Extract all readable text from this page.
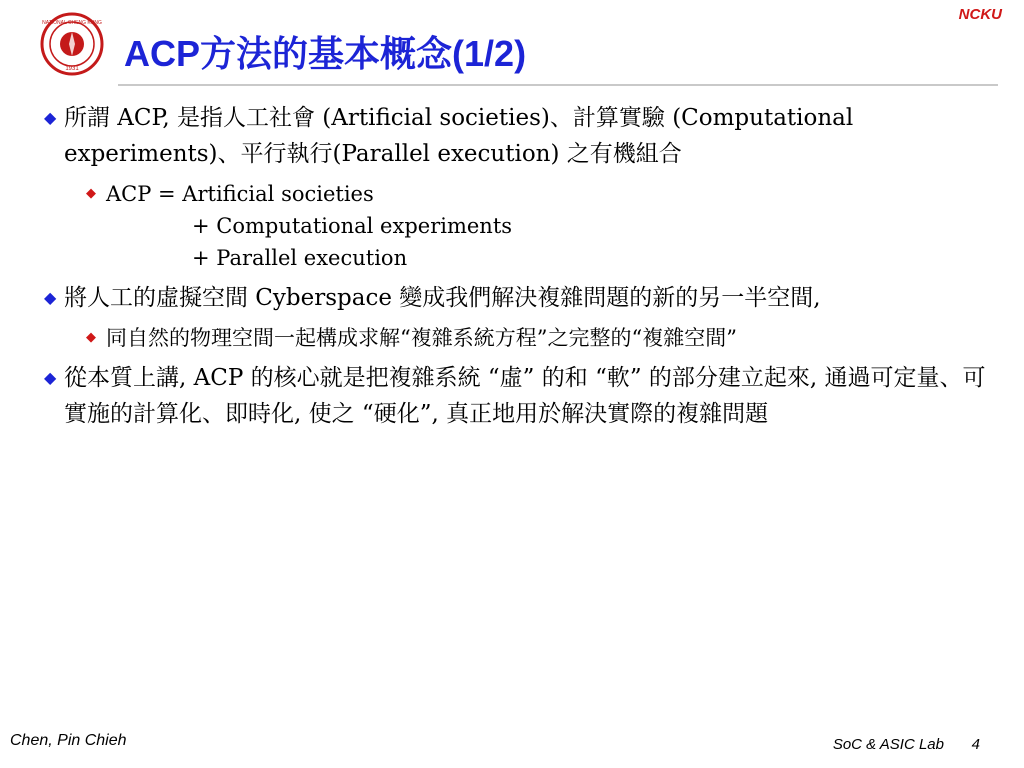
NATIONAL CHENG KUNG
1931
NCKU
ACP方法的基本概念(1/2)
◆ 所謂 ACP, 是指人工社會 (Artificial societies)、計算實驗 (Computational experiments)、平行執行(Parallel execution) 之有機組合
◆ ACP = Artificial societies
+ Computational experiments
+ Parallel execution
◆ 將人工的虛擬空間 Cyberspace 變成我們解決複雜問題的新的另一半空間,
◆ 同自然的物理空間一起構成求解“複雜系統方程”之完整的“複雜空間”
◆ 從本質上講, ACP 的核心就是把複雜系統 “虛” 的和 “軟” 的部分建立起來, 通過可定量、可實施的計算化、即時化, 使之 “硬化”, 真正地用於解決實際的複雜問題
Chen, Pin Chieh	SoC & ASIC Lab 4
